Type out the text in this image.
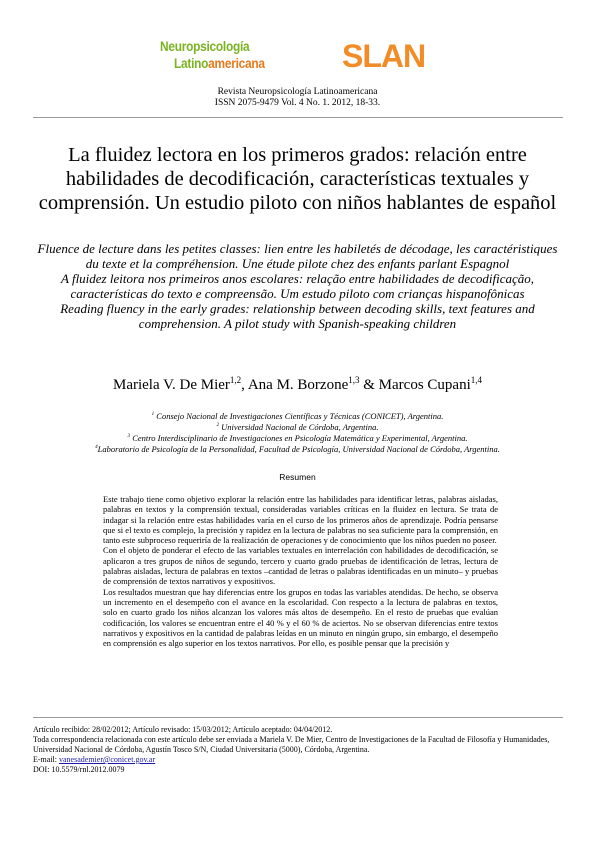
Neuropsicología
Latinoamericana SLAN
Revista Neuropsicología Latinoamericana
ISSN 2075-9479 Vol. 4 No. 1. 2012, 18-33.
La fluidez lectora en los primeros grados: relación entre habilidades de decodificación, características textuales y comprensión. Un estudio piloto con niños hablantes de español
Fluence de lecture dans les petites classes: lien entre les habiletés de décodage, les caractéristiques du texte et la compréhension. Une étude pilote chez des enfants parlant Espagnol
A fluidez leitora nos primeiros anos escolares: relação entre habilidades de decodificação, características do texto e compreensão. Um estudo piloto com crianças hispanofônicas
Reading fluency in the early grades: relationship between decoding skills, text features and comprehension. A pilot study with Spanish-speaking children
Mariela V. De Mier$^{1,2}$, Ana M. Borzone$^{1,3}$ & Marcos Cupani$^{1,4}$
$^1$ Consejo Nacional de Investigaciones Científicas y Técnicas (CONICET), Argentina.
$^2$ Universidad Nacional de Córdoba, Argentina.
$^3$ Centro Interdisciplinario de Investigaciones en Psicología Matemática y Experimental, Argentina.
$^4$Laboratorio de Psicología de la Personalidad, Facultad de Psicología, Universidad Nacional de Córdoba, Argentina.
Resumen

Este trabajo tiene como objetivo explorar la relación entre las habilidades para identificar letras, palabras aisladas, palabras en textos y la comprensión textual, consideradas variables críticas en la fluidez en lectura. Se trata de indagar si la relación entre estas habilidades varía en el curso de los primeros años de aprendizaje. Podría pensarse que si el texto es complejo, la precisión y rapidez en la lectura de palabras no sea suficiente para la comprensión, en tanto este subproceso requeriría de la realización de operaciones y de conocimiento que los niños pueden no poseer.

Con el objeto de ponderar el efecto de las variables textuales en interrelación con habilidades de decodificación, se aplicaron a tres grupos de niños de segundo, tercero y cuarto grado pruebas de identificación de letras, lectura de palabras aisladas, lectura de palabras en textos –cantidad de letras o palabras identificadas en un minuto– y pruebas de comprensión de textos narrativos y expositivos.

Los resultados muestran que hay diferencias entre los grupos en todas las variables atendidas. De hecho, se observa un incremento en el desempeño con el avance en la escolaridad. Con respecto a la lectura de palabras en textos, solo en cuarto grado los niños alcanzan los valores más altos de desempeño. En el resto de pruebas que evalúan codificación, los valores se encuentran entre el 40 % y el 60 % de aciertos. No se observan diferencias entre textos narrativos y expositivos en la cantidad de palabras leídas en un minuto en ningún grupo, sin embargo, el desempeño en comprensión es algo superior en los textos narrativos. Por ello, es posible pensar que la precisión y

Artículo recibido: 28/02/2012; Artículo revisado: 15/03/2012; Artículo aceptado: 04/04/2012.

Toda correspondencia relacionada con este artículo debe ser enviada a Mariela V. De Mier, Centro de Investigaciones de la Facultad de Filosofía y Humanidades, Universidad Nacional de Córdoba, Agustín Tosco S/N, Ciudad Universitaria (5000), Córdoba, Argentina.

E-mail: vanesademier@conicet.gov.ar

DOI: 10.5579/rnl.2012.0079
